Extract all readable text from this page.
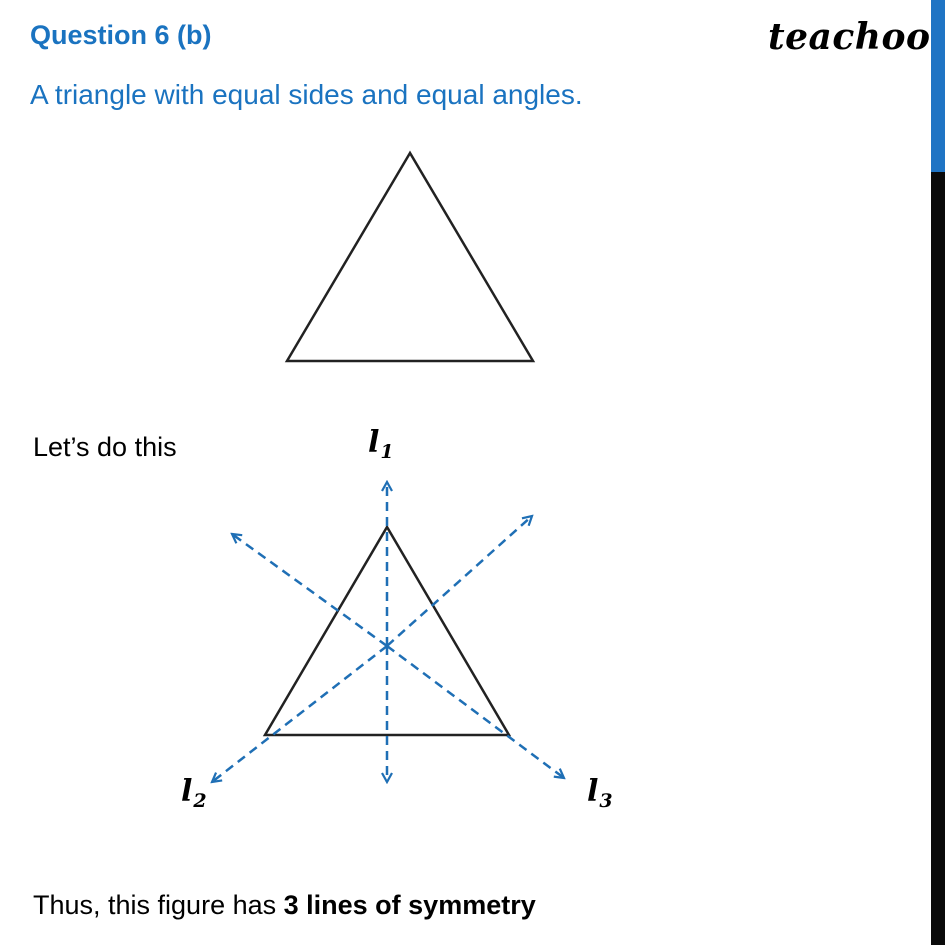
Question 6 (b)	teachoo
A triangle with equal sides and equal angles.
$l_1$
$l_2$	$l_3$
Let’s do this
Thus, this figure has 3 lines of symmetry
